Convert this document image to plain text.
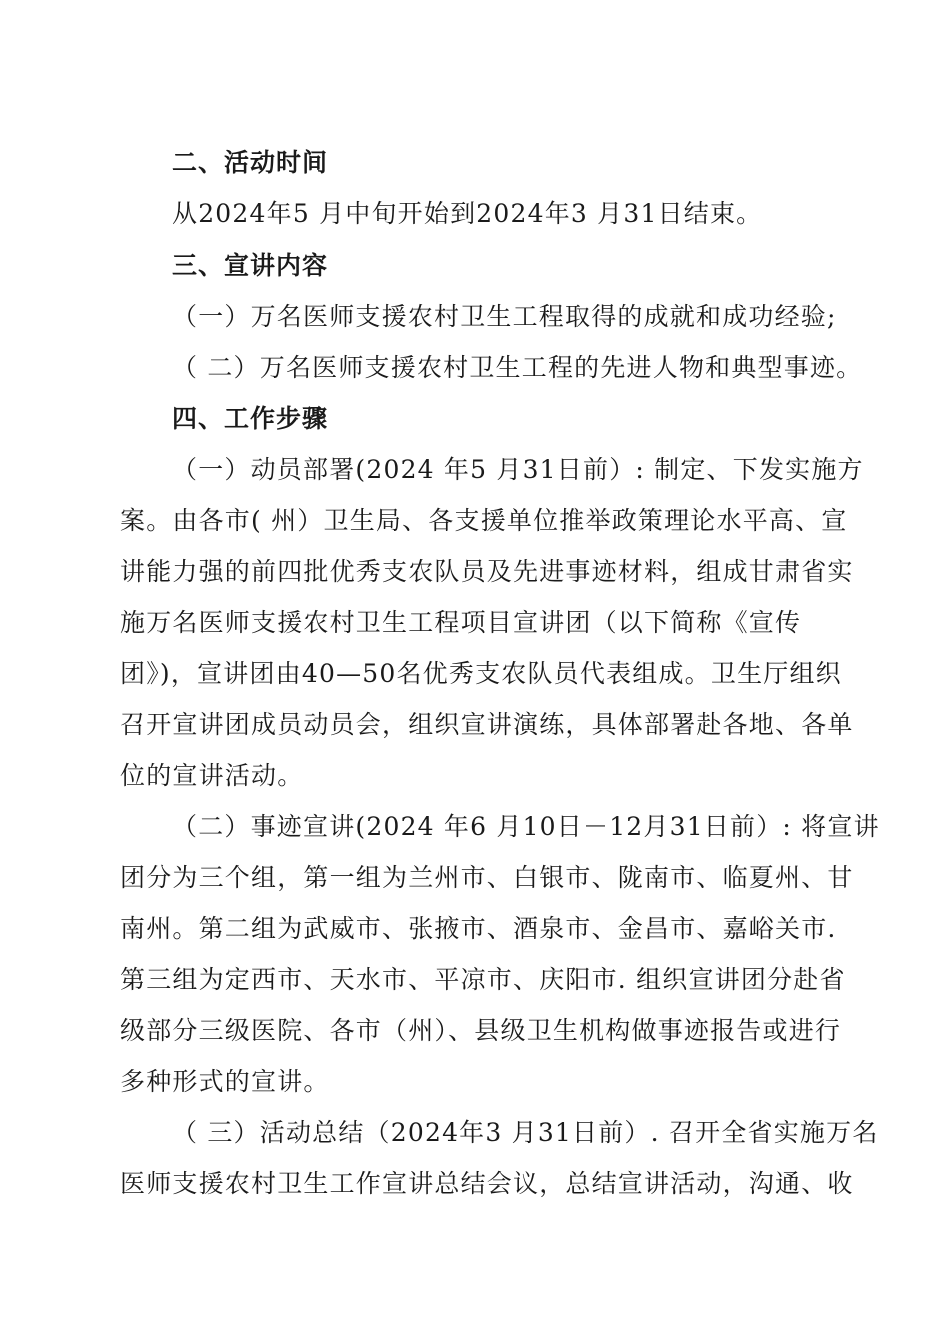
二、活动时间
从2024年5 月中旬开始到2024年3 月31日结束。
三、宣讲内容
（一）万名医师支援农村卫生工程取得的成就和成功经验;
（ 二）万名医师支援农村卫生工程的先进人物和典型事迹。
四、工作步骤
（一）动员部署(2024 年5 月31日前）: 制定、下发实施方
案。由各市( 州）卫生局、各支援单位推举政策理论水平高、宣
讲能力强的前四批优秀支农队员及先进事迹材料，组成甘肃省实
施万名医师支援农村卫生工程项目宣讲团（以下简称《宣传
团》)，宣讲团由40—50名优秀支农队员代表组成。卫生厅组织
召开宣讲团成员动员会，组织宣讲演练，具体部署赴各地、各单
位的宣讲活动。
（二）事迹宣讲(2024 年6 月10日－12月31日前）: 将宣讲
团分为三个组，第一组为兰州市、白银市、陇南市、临夏州、甘
南州。第二组为武威市、张掖市、酒泉市、金昌市、嘉峪关市.
第三组为定西市、天水市、平凉市、庆阳市. 组织宣讲团分赴省
级部分三级医院、各市（州）、县级卫生机构做事迹报告或进行
多种形式的宣讲。
（ 三）活动总结（2024年3 月31日前）. 召开全省实施万名
医师支援农村卫生工作宣讲总结会议，总结宣讲活动，沟通、收
